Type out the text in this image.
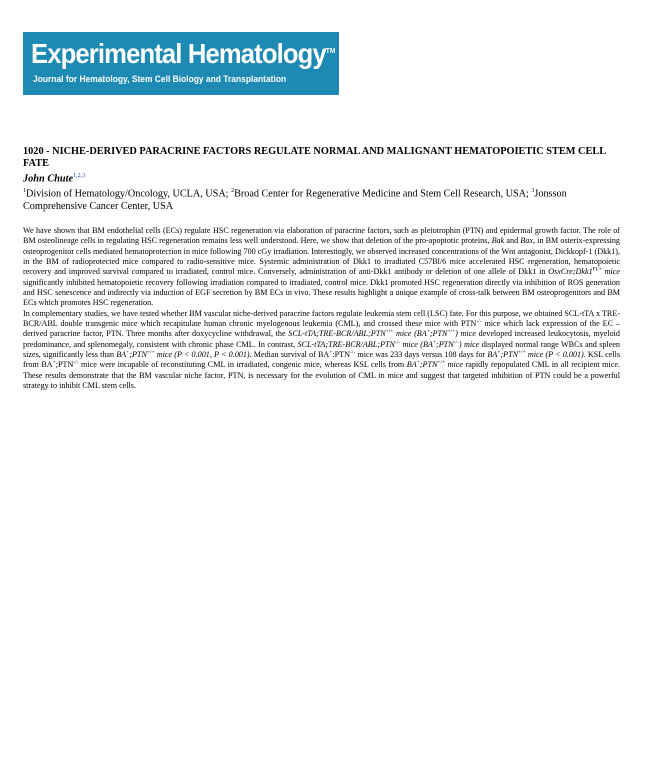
Experimental Hematology™
Journal for Hematology, Stem Cell Biology and Transplantation
1020 - NICHE-DERIVED PARACRINE FACTORS REGULATE NORMAL AND MALIGNANT HEMATOPOIETIC STEM CELL FATE
John Chute$^{1,2,3}$
$^1$Division of Hematology/Oncology, UCLA, USA; $^2$Broad Center for Regenerative Medicine and Stem Cell Research, USA; $^3$Jonsson Comprehensive Cancer Center, USA

We have shown that BM endothelial cells (ECs) regulate HSC regeneration via elaboration of paracrine factors, such as pleiotrophin (PTN) and epidermal growth factor. The role of BM osteolineage cells in regulating HSC regeneration remains less well understood. Here, we show that deletion of the pro-apoptotic proteins, Bak and Bax, in BM osterix-expressing osteoprogenitor cells mediated hematoprotection in mice following 700 cGy irradiation. Interestingly, we observed increased concentrations of the Wnt antagonist, Dickkopf-1 (Dkk1), in the BM of radioprotected mice compared to radio-sensitive mice. Systemic administration of Dkk1 to irradiated C57Bl/6 mice accelerated HSC regeneration, hematopoietic recovery and improved survival compared to irradiated, control mice. Conversely, administration of anti-Dkk1 antibody or deletion of one allele of Dkk1 in $OsxCre;Dkk1^{Fl/+}$ mice significantly inhibited hematopoietic recovery following irradiation compared to irradiated, control mice. Dkk1 promoted HSC regeneration directly via inhibition of ROS generation and HSC senescence and indirectly via induction of EGF secretion by BM ECs in vivo. These results highlight a unique example of cross-talk between BM osteoprogenitors and BM ECs which promotes HSC regeneration.

In complementary studies, we have tested whether BM vascular niche-derived paracrine factors regulate leukemia stem cell (LSC) fate. For this purpose, we obtained SCL-tTA x TRE-BCR/ABL double transgenic mice which recapitulate human chronic myelogenous leukemia (CML), and crossed these mice with PTN-/- mice which lack expression of the EC – derived paracrine factor, PTN. Three months after doxycycline withdrawal, the SCL-tTA;TRE-BCR/ABL;PTN+/+ mice (BA+;PTN+/+) mice developed increased leukocytosis, myeloid predominance, and splenomegaly, consistent with chronic phase CML. In contrast, SCL-tTA;TRE-BCR/ABL;PTN-/- mice (BA+;PTN-/-) mice displayed normal range WBCs and spleen sizes, significantly less than BA+;PTN+/+ mice (P < 0.001, P < 0.001). Median survival of BA+:PTN-/- mice was 233 days versus 108 days for BA+;PTN+/+ mice (P < 0.001). KSL cells from BA+;PTN-/- mice were incapable of reconstituting CML in irradiated, congenic mice, whereas KSL cells from BA+;PTN+/+ mice rapidly repopulated CML in all recipient mice. These results demonstrate that the BM vascular niche factor, PTN, is necessary for the evolution of CML in mice and suggest that targeted inhibition of PTN could be a powerful strategy to inhibit CML stem cells.
